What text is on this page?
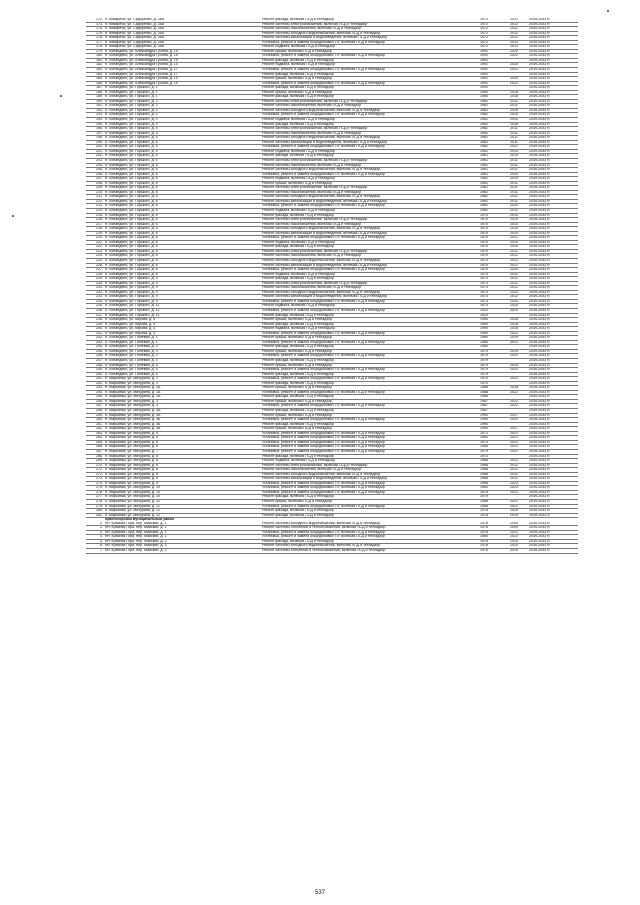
172.	п. Комарёчи, ул. Сидоренко, д. 28А	Ремонт фасада, включая ПСД и технадзор	1972	2012	2039-2043 гг.
173.	п. Комарёчи, ул. Сидоренко, д. 28А	Ремонт системы электроснабжения, включая ПСД и технадзор	1972	2012	2039-2043 гг.
174.	п. Комарёчи, ул. Сидоренко, д. 28А	Ремонт системы газоснабжения, включая ПСД и технадзор	1972	2012	2039-2043 гг.
175.	п. Комарёчи, ул. Сидоренко, д. 28А	Ремонт системы холодного водоснабжения, включая ПСД и технадзор	1972	2012	2039-2043 гг.
176.	п. Комарёчи, ул. Сидоренко, д. 28А	Ремонт системы канализации и водоотведения, включая ПСД и технадзор	1972	2012	2039-2043 гг.
177.	п. Комарёчи, ул. Сидоренко, д. 28А	Установка, ремонт и замена общедомовых ПУ, включая ПСД и технадзор	1972	2013	2039-2043 гг.
178.	п. Комарёчи, ул. Сидоренко, д. 28А	Ремонт подвала, включая ПСД и технадзор	1972	2012	2039-2043 гг.
179.	п. Лопандино, ул. Александра Губина, д. 15	Ремонт крыши, включая ПСД и технадзор	1992	2020	2039-2043 гг.
180.	п. Лопандино, ул. Александра Губина, д. 15	Установка, ремонт и замена общедомовых ПУ, включая ПСД и технадзор	1992	2022	2039-2043 гг.
181.	п. Лопандино, ул. Александра Губина, д. 15	Ремонт фасада, включая ПСД и технадзор	1992		2039-2043 гг.
182.	п. Лопандино, ул. Александра Губина, д. 15	Ремонт подвала, включая ПСД и технадзор	1992	2020	2039-2043 гг.
183.	п. Лопандино, ул. Александра Губина, д. 17	Установка, ремонт и замена общедомовых ПУ, включая ПСД и технадзор	1992	2022	2039-2043 гг.
184.	п. Лопандино, ул. Александра Губина, д. 17	Ремонт фасада, включая ПСД и технадзор	1992		2039-2043 гг.
185.	п. Лопандино, ул. Александра Губина, д. 19	Ремонт крыши, включая ПСД и технадзор	1992	2020	2039-2043 гг.
186.	п. Лопандино, ул. Александра Губина, д. 19	Установка, ремонт и замена общедомовых ПУ, включая ПСД и технадзор	1992	2022	2039-2043 гг.
187.	п. Лопандино, ул. Горького, д. 1	Ремонт фасада, включая ПСД и технадзор	1992		2039-2043 гг.
188.	п. Лопандино, ул. Горького, д. 1	Ремонт крыши, включая ПСД и технадзор	1960	2016	2039-2043 гг.
189.	п. Лопандино, ул. Горького, д. 1	Ремонт фасада, включая ПСД и технадзор	1960	2016	2039-2043 гг.
190.	п. Лопандино, ул. Горького, д. 2	Ремонт системы электроснабжения, включая ПСД и технадзор	1962	2011	2039-2043 гг.
191.	п. Лопандино, ул. Горького, д. 2	Ремонт системы газоснабжения, включая ПСД и технадзор	1962	2011	2039-2043 гг.
192.	п. Лопандино, ул. Горького, д. 2	Ремонт системы холодного водоснабжения, включая ПСД и технадзор	1962	2016	2039-2043 гг.
193.	п. Лопандино, ул. Горького, д. 2	Установка, ремонт и замена общедомовых ПУ, включая ПСД и технадзор	1962	2020	2039-2043 гг.
194.	п. Лопандино, ул. Горького, д. 2	Ремонт подвала, включая ПСД и технадзор	1962	2010	2039-2043 гг.
195.	п. Лопандино, ул. Горького, д. 4	Ремонт фасада, включая ПСД и технадзор	1962	2016	2039-2043 гг.
196.	п. Лопандино, ул. Горького, д. 4	Ремонт системы электроснабжения, включая ПСД и технадзор	1962	2011	2039-2043 гг.
197.	п. Лопандино, ул. Горького, д. 4	Ремонт системы газоснабжения, включая ПСД и технадзор	1962	2011	2039-2043 гг.
198.	п. Лопандино, ул. Горького, д. 4	Ремонт системы холодного водоснабжения, включая ПСД и технадзор	1962	2011	2039-2043 гг.
199.	п. Лопандино, ул. Горького, д. 4	Ремонт системы канализации и водоотведения, включая ПСД и технадзор	1962	2011	2039-2043 гг.
200.	п. Лопандино, ул. Горького, д. 4	Установка, ремонт и замена общедомовых ПУ, включая ПСД и технадзор	1962	2021	2039-2043 гг.
201.	п. Лопандино, ул. Горького, д. 4	Ремонт подвала, включая ПСД и технадзор	1962	2010	2039-2043 гг.
202.	п. Лопандино, ул. Горького, д. 6	Ремонт фасада, включая ПСД и технадзор	1961	2015	2039-2043 гг.
203.	п. Лопандино, ул. Горького, д. 6	Ремонт системы электроснабжения, включая ПСД и технадзор	1961	2011	2039-2043 гг.
204.	п. Лопандино, ул. Горького, д. 6	Ремонт системы газоснабжения, включая ПСД и технадзор	1961	2011	2039-2043 гг.
205.	п. Лопандино, ул. Горького, д. 6	Ремонт системы холодного водоснабжения, включая ПСД и технадзор	1961	2011	2039-2043 гг.
206.	п. Лопандино, ул. Горького, д. 6	Установка, ремонт и замена общедомовых ПУ, включая ПСД и технадзор	1961	2020	2039-2043 гг.
207.	п. Лопандино, ул. Горького, д. 6	Ремонт подвала, включая ПСД и технадзор	1961	2010	2039-2043 гг.
208.	п. Лопандино, ул. Горького, д. 8	Ремонт крыши, включая ПСД и технадзор	1962	2011	2039-2043 гг.
209.	п. Лопандино, ул. Горького, д. 8	Ремонт системы электроснабжения, включая ПСД и технадзор	1962	2011	2039-2043 гг.
210.	п. Лопандино, ул. Горького, д. 8	Ремонт системы газоснабжения, включая ПСД и технадзор	1962	2011	2039-2043 гг.
211.	п. Лопандино, ул. Горького, д. 8	Ремонт системы холодного водоснабжения, включая ПСД и технадзор	1962	2011	2039-2043 гг.
212.	п. Лопандино, ул. Горького, д. 8	Ремонт системы канализации и водоотведения, включая ПСД и технадзор	1962	2011	2039-2043 гг.
213.	п. Лопандино, ул. Горького, д. 8	Установка, ремонт и замена общедомовых ПУ, включая ПСД и технадзор	1962	2020	2039-2043 гг.
214.	п. Лопандино, ул. Горького, д. 8	Ремонт подвала, включая ПСД и технадзор	1962	2011	2039-2043 гг.
215.	п. Лопандино, ул. Горького, д. 6	Ремонт фасада, включая ПСД и технадзор	1970	2010	2039-2043 гг.
216.	п. Лопандино, ул. Горького, д. 6	Ремонт системы электроснабжения, включая ПСД и технадзор	1970	2010	2039-2043 гг.
217.	п. Лопандино, ул. Горького, д. 6	Ремонт системы газоснабжения, включая ПСД и технадзор	1970	2010	2039-2043 гг.
218.	п. Лопандино, ул. Горького, д. 6	Ремонт системы холодного водоснабжения, включая ПСД и технадзор	1970	2010	2039-2043 гг.
219.	п. Лопандино, ул. Горького, д. 6	Ремонт системы канализации и водоотведения, включая ПСД и технадзор	1970	2010	2039-2043 гг.
220.	п. Лопандино, ул. Горького, д. 6	Установка, ремонт и замена общедомовых ПУ, включая ПСД и технадзор	1970	2021	2039-2043 гг.
221.	п. Лопандино, ул. Горького, д. 8	Ремонт подвала, включая ПСД и технадзор	1970	2010	2039-2043 гг.
222.	п. Лопандино, ул. Горького, д. 8	Ремонт фасада, включая ПСД и технадзор	1970	2010	2039-2043 гг.
223.	п. Лопандино, ул. Горького, д. 8	Ремонт системы электроснабжения, включая ПСД и технадзор	1970	2012	2039-2043 гг.
224.	п. Лопандино, ул. Горького, д. 8	Ремонт системы газоснабжения, включая ПСД и технадзор	1970	2012	2039-2043 гг.
225.	п. Лопандино, ул. Горького, д. 8	Ремонт системы холодного водоснабжения, включая ПСД и технадзор	1970	2012	2039-2043 гг.
226.	п. Лопандино, ул. Горького, д. 8	Ремонт системы канализации и водоотведения, включая ПСД и технадзор	1970	2012	2039-2043 гг.
227.	п. Лопандино, ул. Горького, д. 8	Установка, ремонт и замена общедомовых ПУ, включая ПСД и технадзор	1970	2020	2039-2043 гг.
228.	п. Лопандино, ул. Горького, д. 8	Ремонт подвала, включая ПСД и технадзор	1970	2012	2039-2043 гг.
229.	п. Лопандино, ул. Горького, д. 9	Ремонт фасада, включая ПСД и технадзор	1973	2012	2039-2043 гг.
230.	п. Лопандино, ул. Горького, д. 9	Ремонт системы электроснабжения, включая ПСД и технадзор	1973	2012	2039-2043 гг.
231.	п. Лопандино, ул. Горького, д. 9	Ремонт системы газоснабжения, включая ПСД и технадзор	1973	2012	2039-2043 гг.
232.	п. Лопандино, ул. Горького, д. 9	Ремонт системы холодного водоснабжения, включая ПСД и технадзор	1973	2012	2039-2043 гг.
233.	п. Лопандино, ул. Горького, д. 9	Ремонт системы канализации и водоотведения, включая ПСД и технадзор	1973	2012	2039-2043 гг.
234.	п. Лопандино, ул. Горького, д. 9	Установка, ремонт и замена общедомовых ПУ, включая ПСД и технадзор	1973	2020	2039-2043 гг.
235.	п. Лопандино, ул. Горького, д. 11	Ремонт подвала, включая ПСД и технадзор	1973	2020	2039-2043 гг.
236.	п. Лопандино, ул. Горького, д. 11	Установка, ремонт и замена общедомовых ПУ, включая ПСД и технадзор	1920	2020	2039-2043 гг.
237.	п. Лопандино, ул. Горького, д. 11	Ремонт фасада, включая ПСД и технадзор	1920		2039-2043 гг.
238.	п. Лопандино, ул. Кирова, д. 4	Ремонт крыши, включая ПСД и технадзор	1990	2016	2039-2043 гг.
239.	п. Лопандино, ул. Кирова, д. 4	Ремонт фасада, включая ПСД и технадзор	1990	2016	2039-2043 гг.
240.	п. Лопандино, ул. Кирова, д. 4	Ремонт подвала, включая ПСД и технадзор	1990	2016	2039-2043 гг.
241.	п. Лопандино, ул. Кирова, д. 4	Установка, ремонт и замена общедомовых ПУ, включая ПСД и технадзор	1990	2022	2039-2043 гг.
242.	п. Лопандино, ул. Полевая, д. 1	Ремонт крыши, включая ПСД и технадзор	1980	2019	2039-2043 гг.
243.	п. Лопандино, ул. Полевая, д. 1	Установка, ремонт и замена общедомовых ПУ, включая ПСД и технадзор	1980	2022	2039-2043 гг.
244.	п. Лопандино, ул. Полевая, д. 3	Ремонт фасада, включая ПСД и технадзор	1980		2039-2043 гг.
245.	п. Лопандино, ул. Полевая, д. 3	Ремонт крыши, включая ПСД и технадзор	1979	2019	2039-2043 гг.
246.	п. Лопандино, ул. Полевая, д. 3	Установка, ремонт и замена общедомовых ПУ, включая ПСД и технадзор	1979	2022	2039-2043 гг.
247.	п. Лопандино, ул. Полевая, д. 5	Ремонт фасада, включая ПСД и технадзор	1979		2039-2043 гг.
248.	п. Лопандино, ул. Полевая, д. 5	Ремонт крыши, включая ПСД и технадзор	1979	2019	2039-2043 гг.
249.	п. Лопандино, ул. Полевая, д. 5	Установка, ремонт и замена общедомовых ПУ, включая ПСД и технадзор	1979	2022	2039-2043 гг.
250.	п. Лопандино, ул. Полевая, д. 5	Ремонт фасада, включая ПСД и технадзор	1979		2039-2043 гг.
251.	п. Марьинка, ул. Мичурина, д. 1	Установка, ремонт и замена общедомовых ПУ, включая ПСД и технадзор	1970	2021	2039-2043 гг.
252.	п. Марьинка, ул. Мичурина, д. 1	Ремонт фасада, включая ПСД и технадзор	1970		2039-2043 гг.
253.	п. Марьинка, ул. Мичурина, д. 1А	Ремонт крыши, включая ПСД и технадзор	1988	2018	2039-2043 гг.
254.	п. Марьинка, ул. Мичурина, д. 1А	Установка, ремонт и замена общедомовых ПУ, включая ПСД и технадзор	1988	2022	2039-2043 гг.
255.	п. Марьинка, ул. Мичурина, д. 1А	Ремонт фасада, включая ПСД и технадзор	1988		2039-2043 гг.
256.	п. Марьинка, ул. Мичурина, д. 3	Ремонт крыши, включая ПСД и технадзор	1987	2021	2039-2043 гг.
257.	п. Марьинка, ул. Мичурина, д. 3	Установка, ремонт и замена общедомовых ПУ, включая ПСД и технадзор	1987	2022	2039-2043 гг.
258.	п. Марьинка, ул. Мичурина, д. 3А	Ремонт фасада, включая ПСД и технадзор	1987		2039-2043 гг.
259.	п. Марьинка, ул. Мичурина, д. 3А	Ремонт крыши, включая ПСД и технадзор	1990	2017	2039-2043 гг.
260.	п. Марьинка, ул. Мичурина, д. 3Б	Установка, ремонт и замена общедомовых ПУ, включая ПСД и технадзор	1990	2022	2039-2043 гг.
261.	п. Марьинка, ул. Мичурина, д. 3Б	Ремонт фасада, включая ПСД и технадзор	1990		2039-2043 гг.
262.	п. Марьинка, ул. Мичурина, д. 3В	Ремонт крыши, включая ПСД и технадзор	1990	2017	2039-2043 гг.
263.	п. Марьинка, ул. Мичурина, д. 5	Установка, ремонт и замена общедомовых ПУ, включая ПСД и технадзор	1972	2021	2039-2043 гг.
264.	п. Марьинка, ул. Мичурина, д. 5	Установка, ремонт и замена общедомовых ПУ, включая ПСД и технадзор	1983	2021	2039-2043 гг.
265.	п. Марьинка, ул. Мичурина, д. 6	Установка, ремонт и замена общедомовых ПУ, включая ПСД и технадзор	1973	2021	2039-2043 гг.
266.	п. Марьинка, ул. Мичурина, д. 6	Установка, ремонт и замена общедомовых ПУ, включая ПСД и технадзор	1984	2021	2039-2043 гг.
267.	п. Марьинка, ул. Мичурина, д. 7	Установка, ремонт и замена общедомовых ПУ, включая ПСД и технадзор	1979	2021	2039-2043 гг.
268.	п. Марьинка, ул. Мичурина, д. 8	Ремонт фасада, включая ПСД и технадзор	1973		2039-2043 гг.
269.	п. Марьинка, ул. Мичурина, д. 8	Ремонт подвала, включая ПСД и технадзор	1968	2012	2039-2043 гг.
270.	п. Марьинка, ул. Мичурина, д. 8	Ремонт системы электроснабжения, включая ПСД и технадзор	1968	2012	2039-2043 гг.
271.	п. Марьинка, ул. Мичурина, д. 8	Ремонт системы газоснабжения, включая ПСД и технадзор	1968	2012	2039-2043 гг.
272.	п. Марьинка, ул. Мичурина, д. 8	Ремонт системы холодного водоснабжения, включая ПСД и технадзор	1968	2012	2039-2043 гг.
273.	п. Марьинка, ул. Мичурина, д. 8	Ремонт системы канализации и водоотведения, включая ПСД и технадзор	1968	2012	2039-2043 гг.
274.	п. Марьинка, ул. Мичурина, д. 9	Установка, ремонт и замена общедомовых ПУ, включая ПСД и технадзор	1968	2022	2039-2043 гг.
275.	п. Марьинка, ул. Мичурина, д. 10	Установка, ремонт и замена общедомовых ПУ, включая ПСД и технадзор	1983	2023	2039-2043 гг.
276.	п. Марьинка, ул. Мичурина, д. 10	Установка, ремонт и замена общедомовых ПУ, включая ПСД и технадзор	1979	2022	2039-2043 гг.
277.	п. Марьинка, ул. Мичурина, д. 10	Ремонт фасада, включая ПСД и технадзор	1979		2039-2043 гг.
278.	п. Марьинка, ул. Мичурина, д. 12	Ремонт крыши, включая ПСД и технадзор	1968	2021	2039-2043 гг.
279.	п. Марьинка, ул. Мичурина, д. 12	Установка, ремонт и замена общедомовых ПУ, включая ПСД и технадзор	1968	2022	2039-2043 гг.
280.	п. Марьинка, ул. Мичурина, д. 12	Ремонт фасада, включая ПСД и технадзор	1976	2019	2039-2043 гг.
281.	п. Марьинка, ул. Мичурина, д. 12	Ремонт фасада, включая ПСД и технадзор	1976	2019	2039-2043 гг.
	Красногорский муниципальный район				
1.	пгт. Красная Гора, пер. Майский, д. 1	Ремонт системы холодного водоснабжения, включая ПСД и технадзор	1976	2009	2039-2043 гг.
2.	пгт. Красная Гора, пер. Майский, д. 1	Ремонт системы отопления и теплоснабжения, включая ПСД и технадзор	1976	2009	2039-2043 гг.
3.	пгт. Красная Гора, пер. Майский, д. 1	Установка, ремонт и замена общедомовых ПУ, включая ПСД и технадзор	1976	2021	2039-2043 гг.
4.	пгт. Красная Гора, пер. Майский, д. 1	Установка, ремонт и замена общедомовых ПУ, включая ПСД и технадзор	1980	2022	2039-2043 гг.
5.	пгт. Красная Гора, пер. Майский, д. 3	Ремонт фасада, включая ПСД и технадзор	1976	2010	2039-2043 гг.
6.	пгт. Красная Гора, пер. Майский, д. 3	Ремонт системы холодного водоснабжения, включая ПСД и технадзор	1976	2010	2039-2043 гг.
7.	пгт. Красная Гора, пер. Майский, д. 3	Ремонт системы отопления и теплоснабжения, включая ПСД и технадзор	1976	2010	2039-2043 гг.
537
